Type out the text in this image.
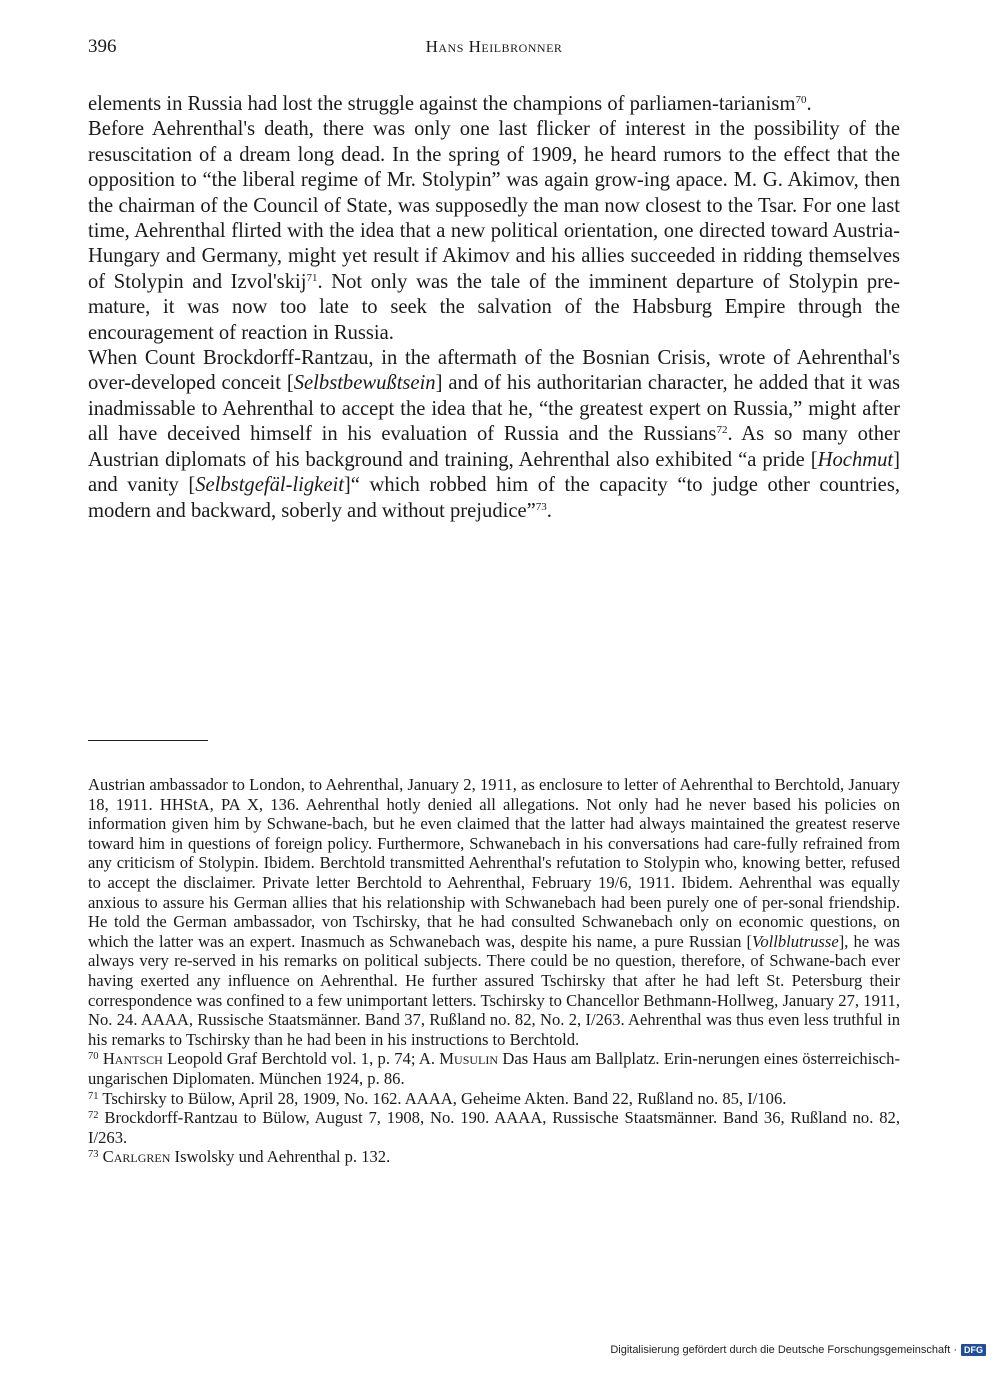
396	Hans Heilbronner

elements in Russia had lost the struggle against the champions of parliamen-tarianism$^{70}$.

Before Aehrenthal's death, there was only one last flicker of interest in the possibility of the resuscitation of a dream long dead. In the spring of 1909, he heard rumors to the effect that the opposition to “the liberal regime of Mr. Stolypin” was again grow-ing apace. M. G. Akimov, then the chairman of the Council of State, was supposedly the man now closest to the Tsar. For one last time, Aehrenthal flirted with the idea that a new political orientation, one directed toward Austria-Hungary and Germany, might yet result if Akimov and his allies succeeded in ridding themselves of Stolypin and Izvol'skij$^{71}$. Not only was the tale of the imminent departure of Stolypin pre-mature, it was now too late to seek the salvation of the Habsburg Empire through the encouragement of reaction in Russia.

When Count Brockdorff-Rantzau, in the aftermath of the Bosnian Crisis, wrote of Aehrenthal's over-developed conceit [Selbstbewußtsein] and of his authoritarian character, he added that it was inadmissable to Aehrenthal to accept the idea that he, “the greatest expert on Russia,” might after all have deceived himself in his evaluation of Russia and the Russians$^{72}$. As so many other Austrian diplomats of his background and training, Aehrenthal also exhibited “a pride [Hochmut] and vanity [Selbstgefäl-ligkeit]“ which robbed him of the capacity “to judge other countries, modern and backward, soberly and without prejudice”$^{73}$.

Austrian ambassador to London, to Aehrenthal, January 2, 1911, as enclosure to letter of Aehrenthal to Berchtold, January 18, 1911. HHStA, PA X, 136. Aehrenthal hotly denied all allegations. Not only had he never based his policies on information given him by Schwane-bach, but he even claimed that the latter had always maintained the greatest reserve toward him in questions of foreign policy. Furthermore, Schwanebach in his conversations had care-fully refrained from any criticism of Stolypin. Ibidem. Berchtold transmitted Aehrenthal's refutation to Stolypin who, knowing better, refused to accept the disclaimer. Private letter Berchtold to Aehrenthal, February 19/6, 1911. Ibidem. Aehrenthal was equally anxious to assure his German allies that his relationship with Schwanebach had been purely one of per-sonal friendship. He told the German ambassador, von Tschirsky, that he had consulted Schwanebach only on economic questions, on which the latter was an expert. Inasmuch as Schwanebach was, despite his name, a pure Russian [Vollblutrusse], he was always very re-served in his remarks on political subjects. There could be no question, therefore, of Schwane-bach ever having exerted any influence on Aehrenthal. He further assured Tschirsky that after he had left St. Petersburg their correspondence was confined to a few unimportant letters. Tschirsky to Chancellor Bethmann-Hollweg, January 27, 1911, No. 24. AAAA, Russische Staatsmänner. Band 37, Rußland no. 82, No. 2, I/263. Aehrenthal was thus even less truthful in his remarks to Tschirsky than he had been in his instructions to Berchtold.

$^{70}$ Hantsch Leopold Graf Berchtold vol. 1, p. 74; A. Musulin Das Haus am Ballplatz. Erin-nerungen eines österreichisch-ungarischen Diplomaten. München 1924, p. 86.

$^{71}$ Tschirsky to Bülow, April 28, 1909, No. 162. AAAA, Geheime Akten. Band 22, Rußland no. 85, I/106.

$^{72}$ Brockdorff-Rantzau to Bülow, August 7, 1908, No. 190. AAAA, Russische Staatsmänner. Band 36, Rußland no. 82, I/263.

$^{73}$ Carlgren Iswolsky und Aehrenthal p. 132.

Digitalisierung gefördert durch die Deutsche Forschungsgemeinschaft · DFG
